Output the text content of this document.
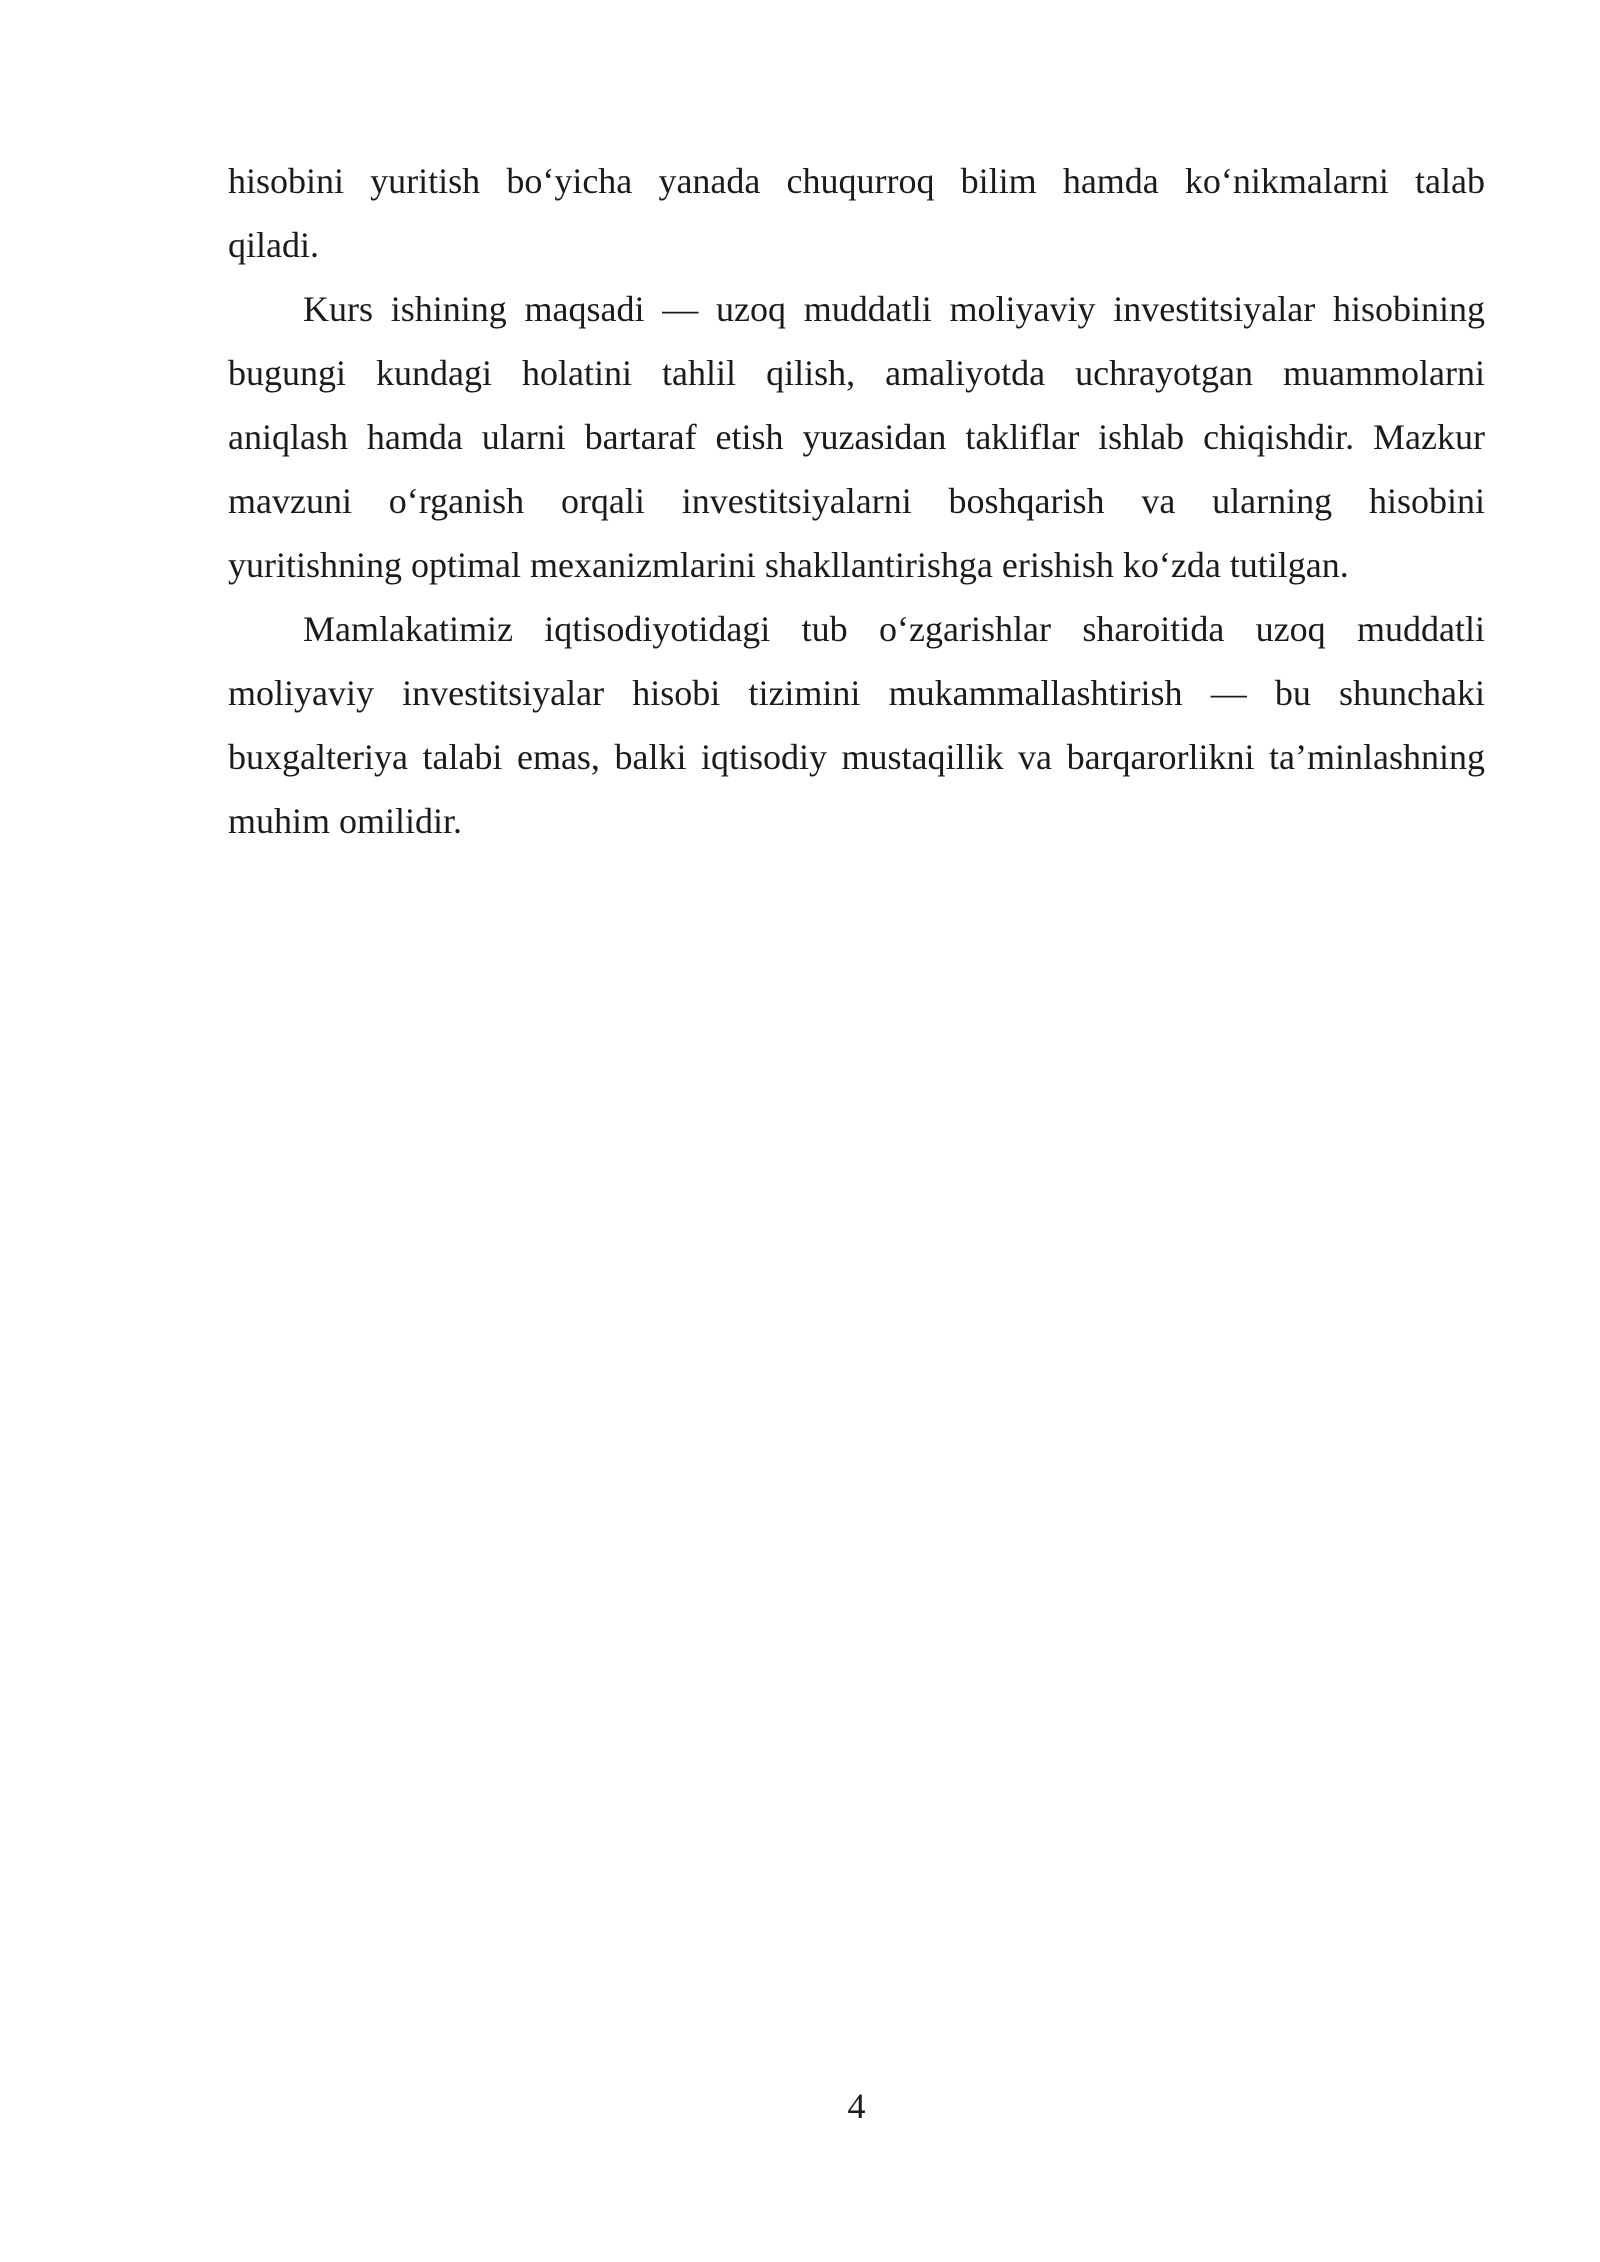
hisobini yuritish boʻyicha yanada chuqurroq bilim hamda koʻnikmalarni talab
qiladi.
Kurs ishining maqsadi — uzoq muddatli moliyaviy investitsiyalar hisobining
bugungi kundagi holatini tahlil qilish, amaliyotda uchrayotgan muammolarni
aniqlash hamda ularni bartaraf etish yuzasidan takliflar ishlab chiqishdir. Mazkur
mavzuni oʻrganish orqali investitsiyalarni boshqarish va ularning hisobini
yuritishning optimal mexanizmlarini shakllantirishga erishish koʻzda tutilgan.
Mamlakatimiz iqtisodiyotidagi tub oʻzgarishlar sharoitida uzoq muddatli
moliyaviy investitsiyalar hisobi tizimini mukammallashtirish — bu shunchaki
buxgalteriya talabi emas, balki iqtisodiy mustaqillik va barqarorlikni ta’minlashning
muhim omilidir.
4
